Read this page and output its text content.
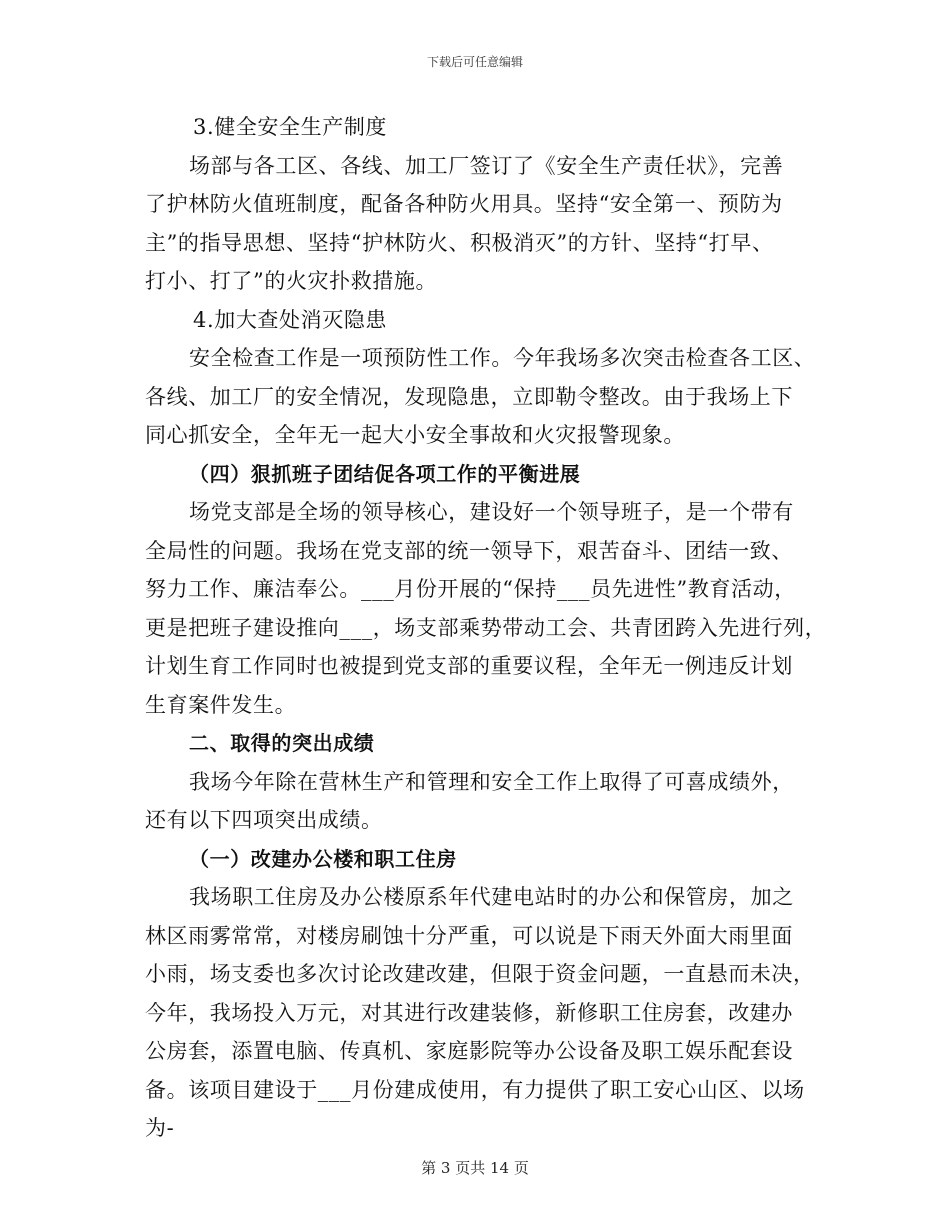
下载后可任意编辑
3.健全安全生产制度
场部与各工区、各线、加工厂签订了《安全生产责任状》，完善
了护林防火值班制度，配备各种防火用具。坚持“安全第一、预防为
主”的指导思想、坚持“护林防火、积极消灭”的方针、坚持“打早、
打小、打了”的火灾扑救措施。
4.加大查处消灭隐患
安全检查工作是一项预防性工作。今年我场多次突击检查各工区、
各线、加工厂的安全情况，发现隐患，立即勒令整改。由于我场上下
同心抓安全，全年无一起大小安全事故和火灾报警现象。
（四）狠抓班子团结促各项工作的平衡进展
场党支部是全场的领导核心，建设好一个领导班子，是一个带有
全局性的问题。我场在党支部的统一领导下，艰苦奋斗、团结一致、
努力工作、廉洁奉公。___月份开展的“保持___员先进性”教育活动，
更是把班子建设推向___，场支部乘势带动工会、共青团跨入先进行列，
计划生育工作同时也被提到党支部的重要议程，全年无一例违反计划
生育案件发生。
二、取得的突出成绩
我场今年除在营林生产和管理和安全工作上取得了可喜成绩外，
还有以下四项突出成绩。
（一）改建办公楼和职工住房
我场职工住房及办公楼原系年代建电站时的办公和保管房，加之
林区雨雾常常，对楼房刷蚀十分严重，可以说是下雨天外面大雨里面
小雨，场支委也多次讨论改建改建，但限于资金问题，一直悬而未决，
今年，我场投入万元，对其进行改建装修，新修职工住房套，改建办
公房套，添置电脑、传真机、家庭影院等办公设备及职工娱乐配套设
备。该项目建设于___月份建成使用，有力提供了职工安心山区、以场
为-
第 3 页共 14 页
